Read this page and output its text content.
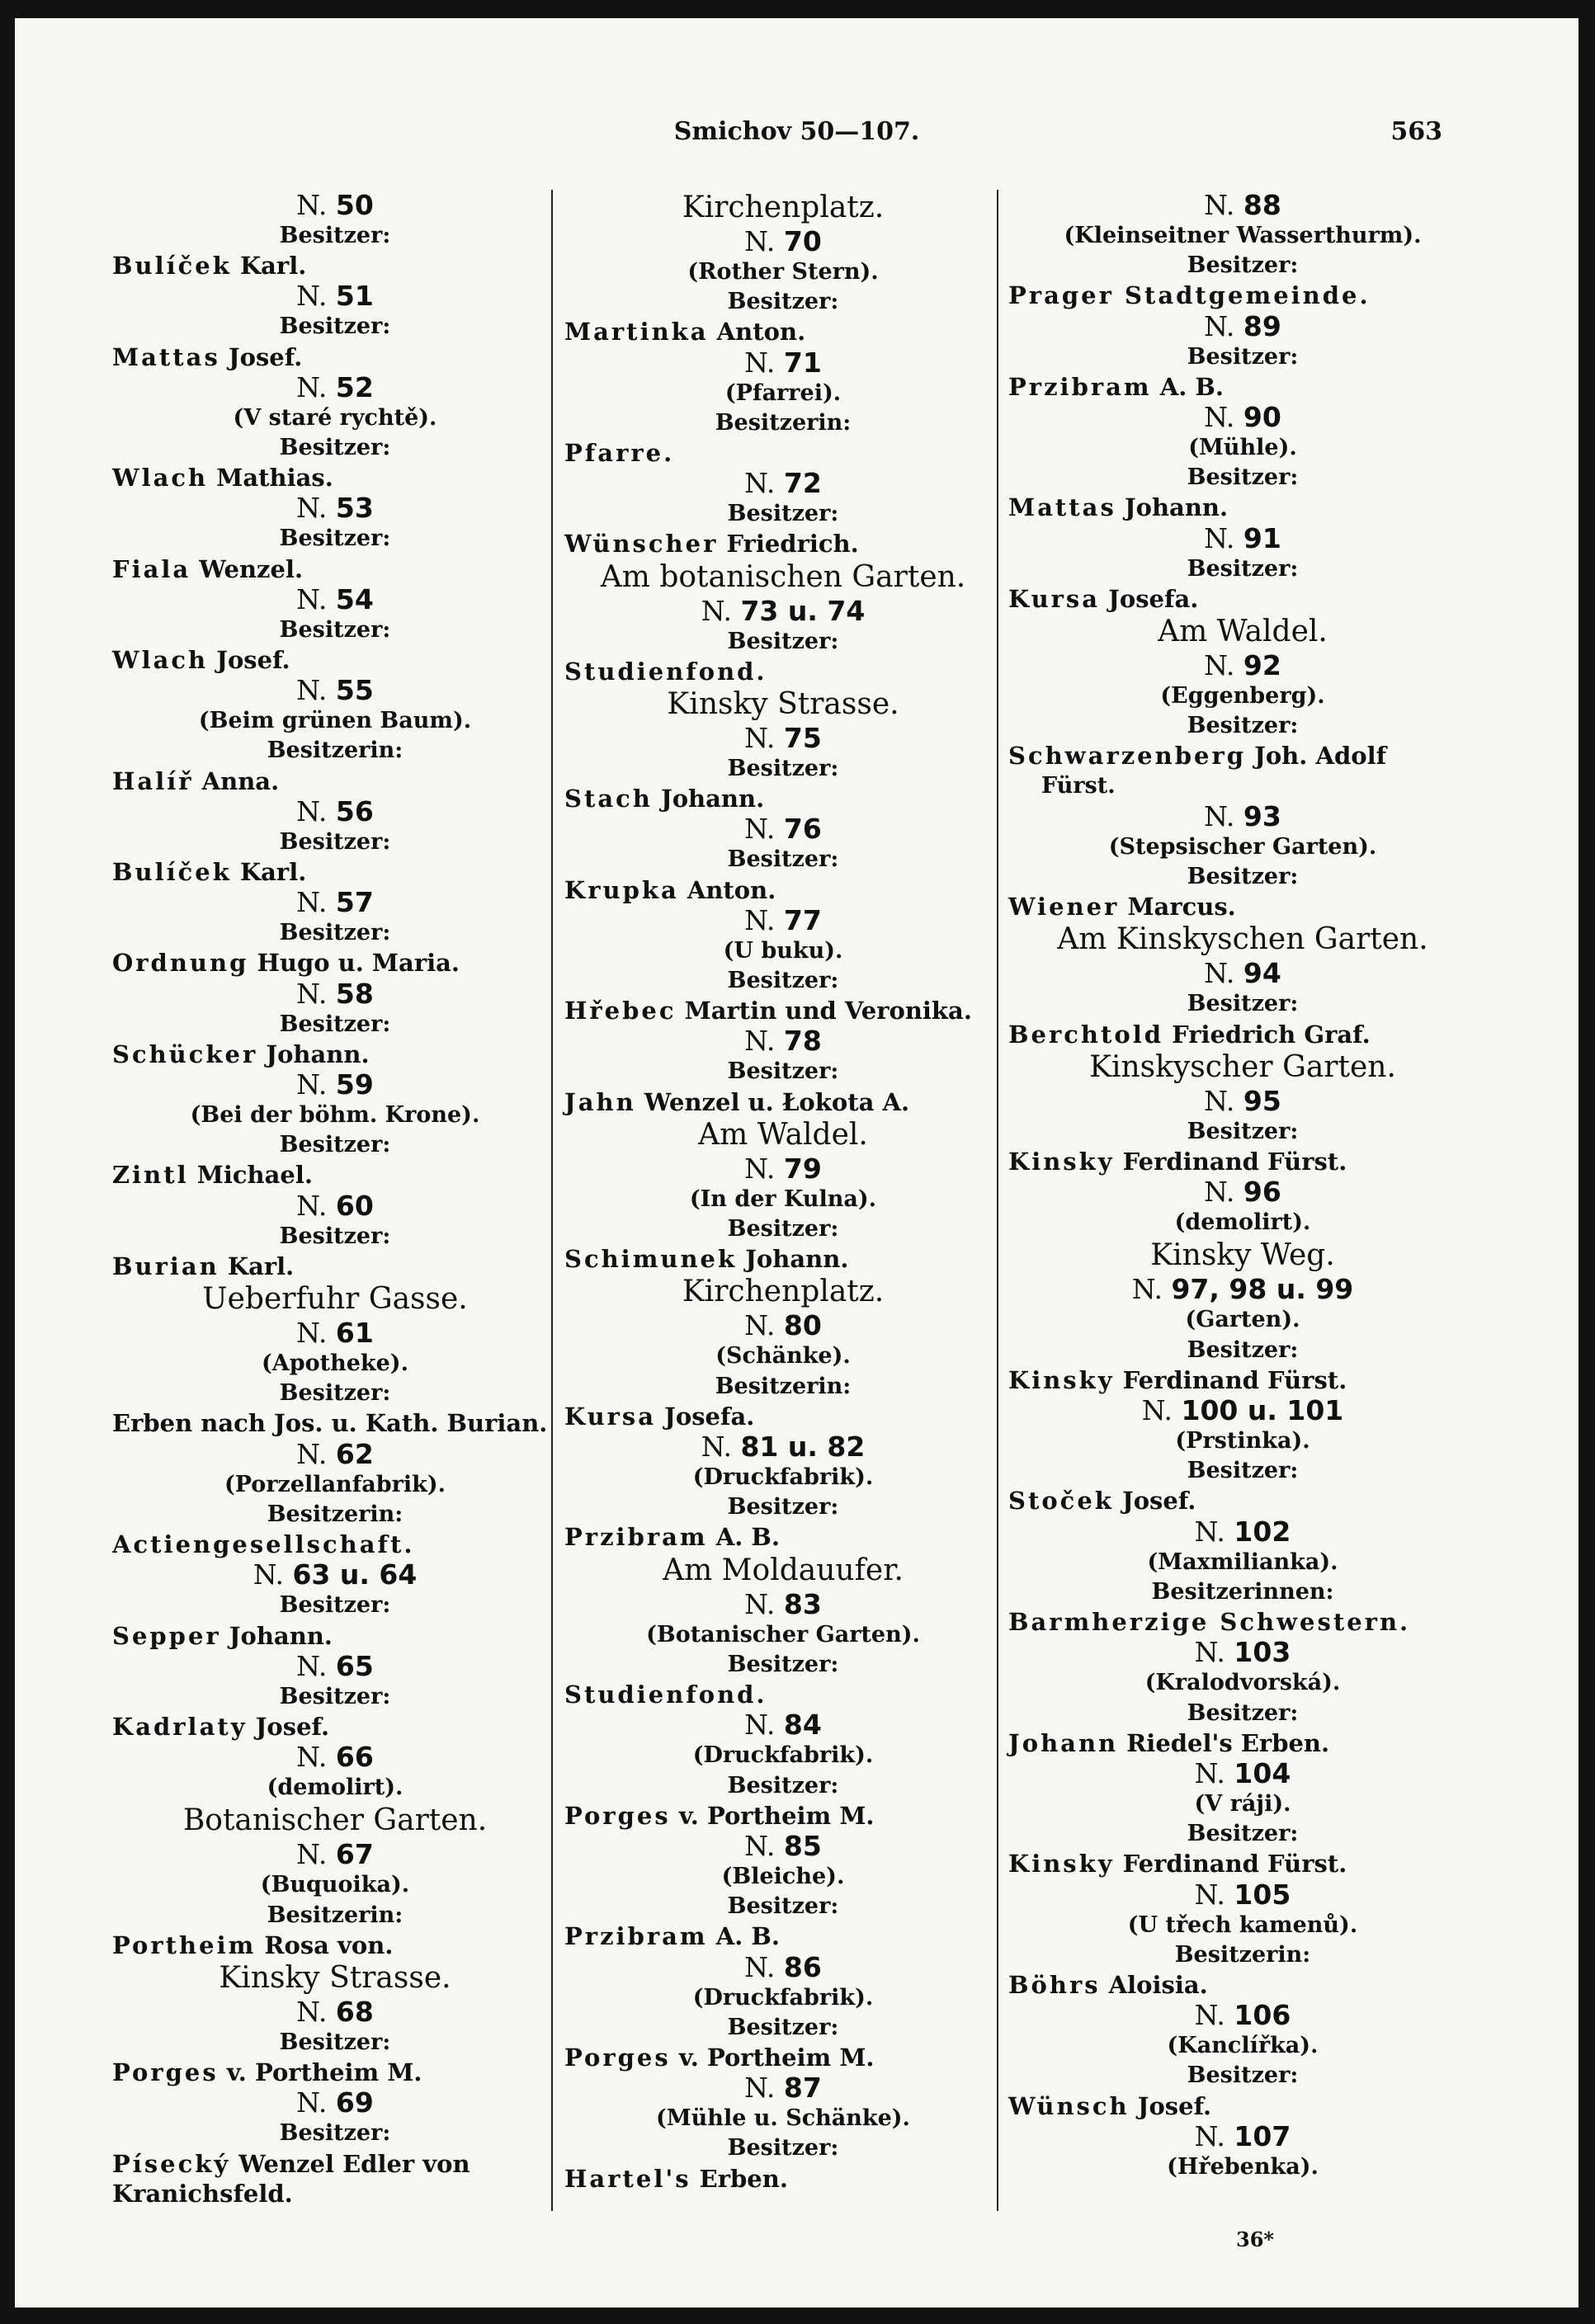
Smichov 50—107.	563
N. 50
Besitzer:
Bulíček Karl.
N. 51
Besitzer:
Mattas Josef.
N. 52
(V staré rychtě).
Besitzer:
Wlach Mathias.
N. 53
Besitzer:
Fiala Wenzel.
N. 54
Besitzer:
Wlach Josef.
N. 55
(Beim grünen Baum).
Besitzerin:
Halíř Anna.
N. 56
Besitzer:
Bulíček Karl.
N. 57
Besitzer:
Ordnung Hugo u. Maria.
N. 58
Besitzer:
Schücker Johann.
N. 59
(Bei der böhm. Krone).
Besitzer:
Zintl Michael.
N. 60
Besitzer:
Burian Karl.
Ueberfuhr Gasse.
N. 61
(Apotheke).
Besitzer:
Erben nach Jos. u. Kath. Burian.
N. 62
(Porzellanfabrik).
Besitzerin:
Actiengesellschaft.
N. 63 u. 64
Besitzer:
Sepper Johann.
N. 65
Besitzer:
Kadrlaty Josef.
N. 66
(demolirt).
Botanischer Garten.
N. 67
(Buquoika).
Besitzerin:
Portheim Rosa von.
Kinsky Strasse.
N. 68
Besitzer:
Porges v. Portheim M.
N. 69
Besitzer:
Písecký Wenzel Edler von
Kranichsfeld.
Kirchenplatz.
N. 70
(Rother Stern).
Besitzer:
Martinka Anton.
N. 71
(Pfarrei).
Besitzerin:
Pfarre.
N. 72
Besitzer:
Wünscher Friedrich.
Am botanischen Garten.
N. 73 u. 74
Besitzer:
Studienfond.
Kinsky Strasse.
N. 75
Besitzer:
Stach Johann.
N. 76
Besitzer:
Krupka Anton.
N. 77
(U buku).
Besitzer:
Hřebec Martin und Veronika.
N. 78
Besitzer:
Jahn Wenzel u. Łokota A.
Am Waldel.
N. 79
(In der Kulna).
Besitzer:
Schimunek Johann.
Kirchenplatz.
N. 80
(Schänke).
Besitzerin:
Kursa Josefa.
N. 81 u. 82
(Druckfabrik).
Besitzer:
Przibram A. B.
Am Moldauufer.
N. 83
(Botanischer Garten).
Besitzer:
Studienfond.
N. 84
(Druckfabrik).
Besitzer:
Porges v. Portheim M.
N. 85
(Bleiche).
Besitzer:
Przibram A. B.
N. 86
(Druckfabrik).
Besitzer:
Porges v. Portheim M.
N. 87
(Mühle u. Schänke).
Besitzer:
Hartel's Erben.
N. 88
(Kleinseitner Wasserthurm).
Besitzer:
Prager Stadtgemeinde.
N. 89
Besitzer:
Przibram A. B.
N. 90
(Mühle).
Besitzer:
Mattas Johann.
N. 91
Besitzer:
Kursa Josefa.
Am Waldel.
N. 92
(Eggenberg).
Besitzer:
Schwarzenberg Joh. Adolf
Fürst.
N. 93
(Stepsischer Garten).
Besitzer:
Wiener Marcus.
Am Kinskyschen Garten.
N. 94
Besitzer:
Berchtold Friedrich Graf.
Kinskyscher Garten.
N. 95
Besitzer:
Kinsky Ferdinand Fürst.
N. 96
(demolirt).
Kinsky Weg.
N. 97, 98 u. 99
(Garten).
Besitzer:
Kinsky Ferdinand Fürst.
N. 100 u. 101
(Prstinka).
Besitzer:
Stoček Josef.
N. 102
(Maxmilianka).
Besitzerinnen:
Barmherzige Schwestern.
N. 103
(Kralodvorská).
Besitzer:
Johann Riedel's Erben.
N. 104
(V ráji).
Besitzer:
Kinsky Ferdinand Fürst.
N. 105
(U třech kamenů).
Besitzerin:
Böhrs Aloisia.
N. 106
(Kanclířka).
Besitzer:
Wünsch Josef.
N. 107
(Hřebenka).
36*
